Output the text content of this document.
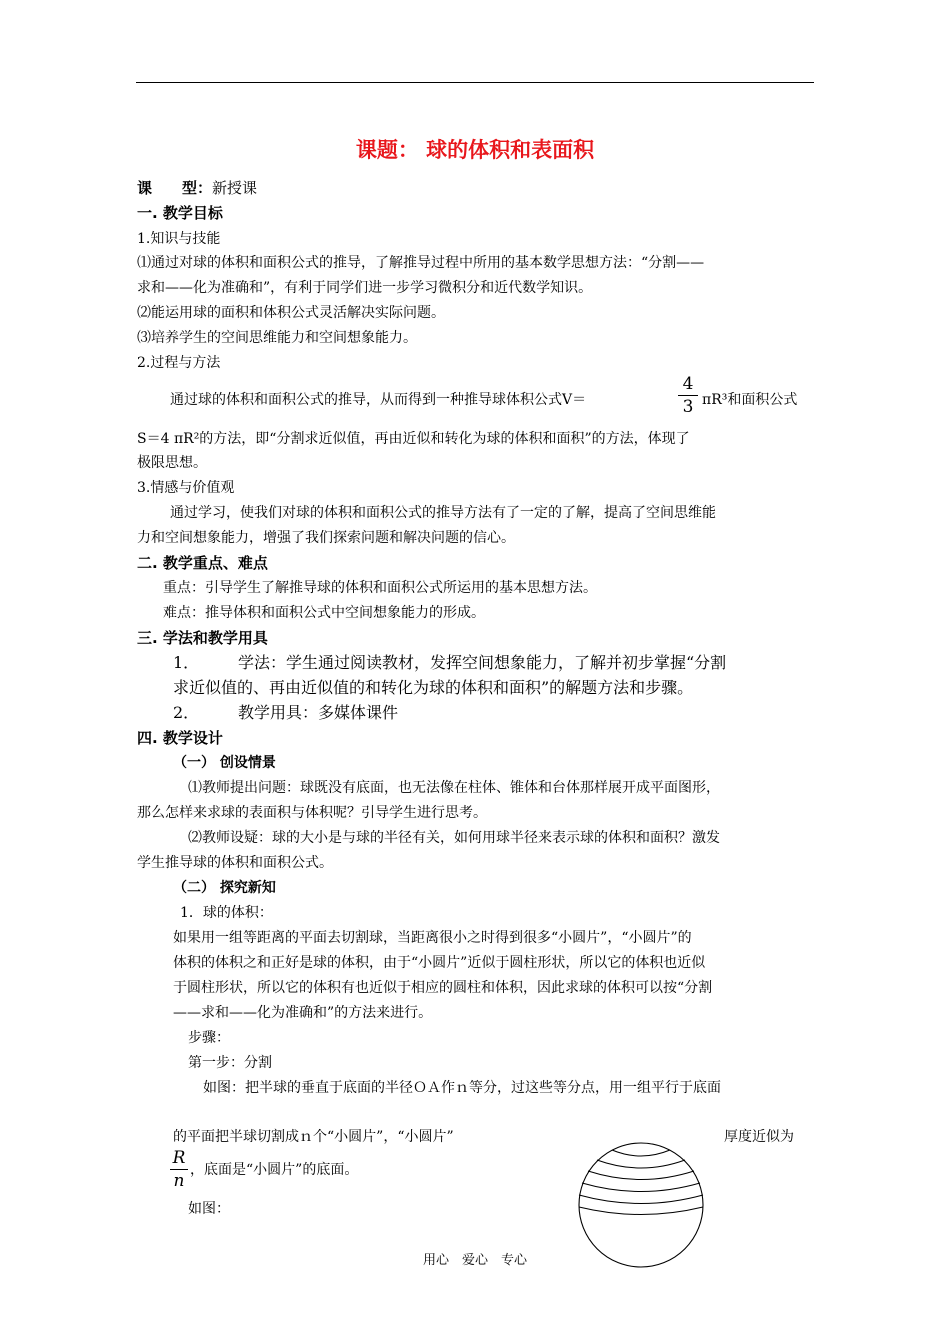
课题： 球的体积和表面积
课　　型：新授课
一. 教学目标
1.知识与技能
⑴通过对球的体积和面积公式的推导，了解推导过程中所用的基本数学思想方法：“分割——
求和——化为准确和”，有利于同学们进一步学习微积分和近代数学知识。
⑵能运用球的面积和体积公式灵活解决实际问题。
⑶培养学生的空间思维能力和空间想象能力。
2.过程与方法
通过球的体积和面积公式的推导，从而得到一种推导球体积公式V＝
4
3 πR³和面积公式
S＝4 πR²的方法，即“分割求近似值，再由近似和转化为球的体积和面积”的方法，体现了
极限思想。
3.情感与价值观
通过学习，使我们对球的体积和面积公式的推导方法有了一定的了解，提高了空间思维能
力和空间想象能力，增强了我们探索问题和解决问题的信心。
二. 教学重点、难点
重点：引导学生了解推导球的体积和面积公式所运用的基本思想方法。
难点：推导体积和面积公式中空间想象能力的形成。
三. 学法和教学用具
1． 学法：学生通过阅读教材，发挥空间想象能力，了解并初步掌握“分割
求近似值的、再由近似值的和转化为球的体积和面积”的解题方法和步骤。
2． 教学用具：多媒体课件
四. 教学设计
（一） 创设情景
⑴教师提出问题：球既没有底面，也无法像在柱体、锥体和台体那样展开成平面图形，
那么怎样来求球的表面积与体积呢？引导学生进行思考。
⑵教师设疑：球的大小是与球的半径有关，如何用球半径来表示球的体积和面积？激发
学生推导球的体积和面积公式。
（二） 探究新知
1．球的体积：
如果用一组等距离的平面去切割球，当距离很小之时得到很多“小圆片”，“小圆片”的
体积的体积之和正好是球的体积，由于“小圆片”近似于圆柱形状，所以它的体积也近似
于圆柱形状，所以它的体积有也近似于相应的圆柱和体积，因此求球的体积可以按“分割
——求和——化为准确和”的方法来进行。
步骤：
第一步：分割
如图：把半球的垂直于底面的半径ＯＡ作ｎ等分，过这些等分点，用一组平行于底面
的平面把半球切割成ｎ个“小圆片”，“小圆片”	厚度近似为
R
n
，底面是“小圆片”的底面。
如图：
用心　爱心　专心
